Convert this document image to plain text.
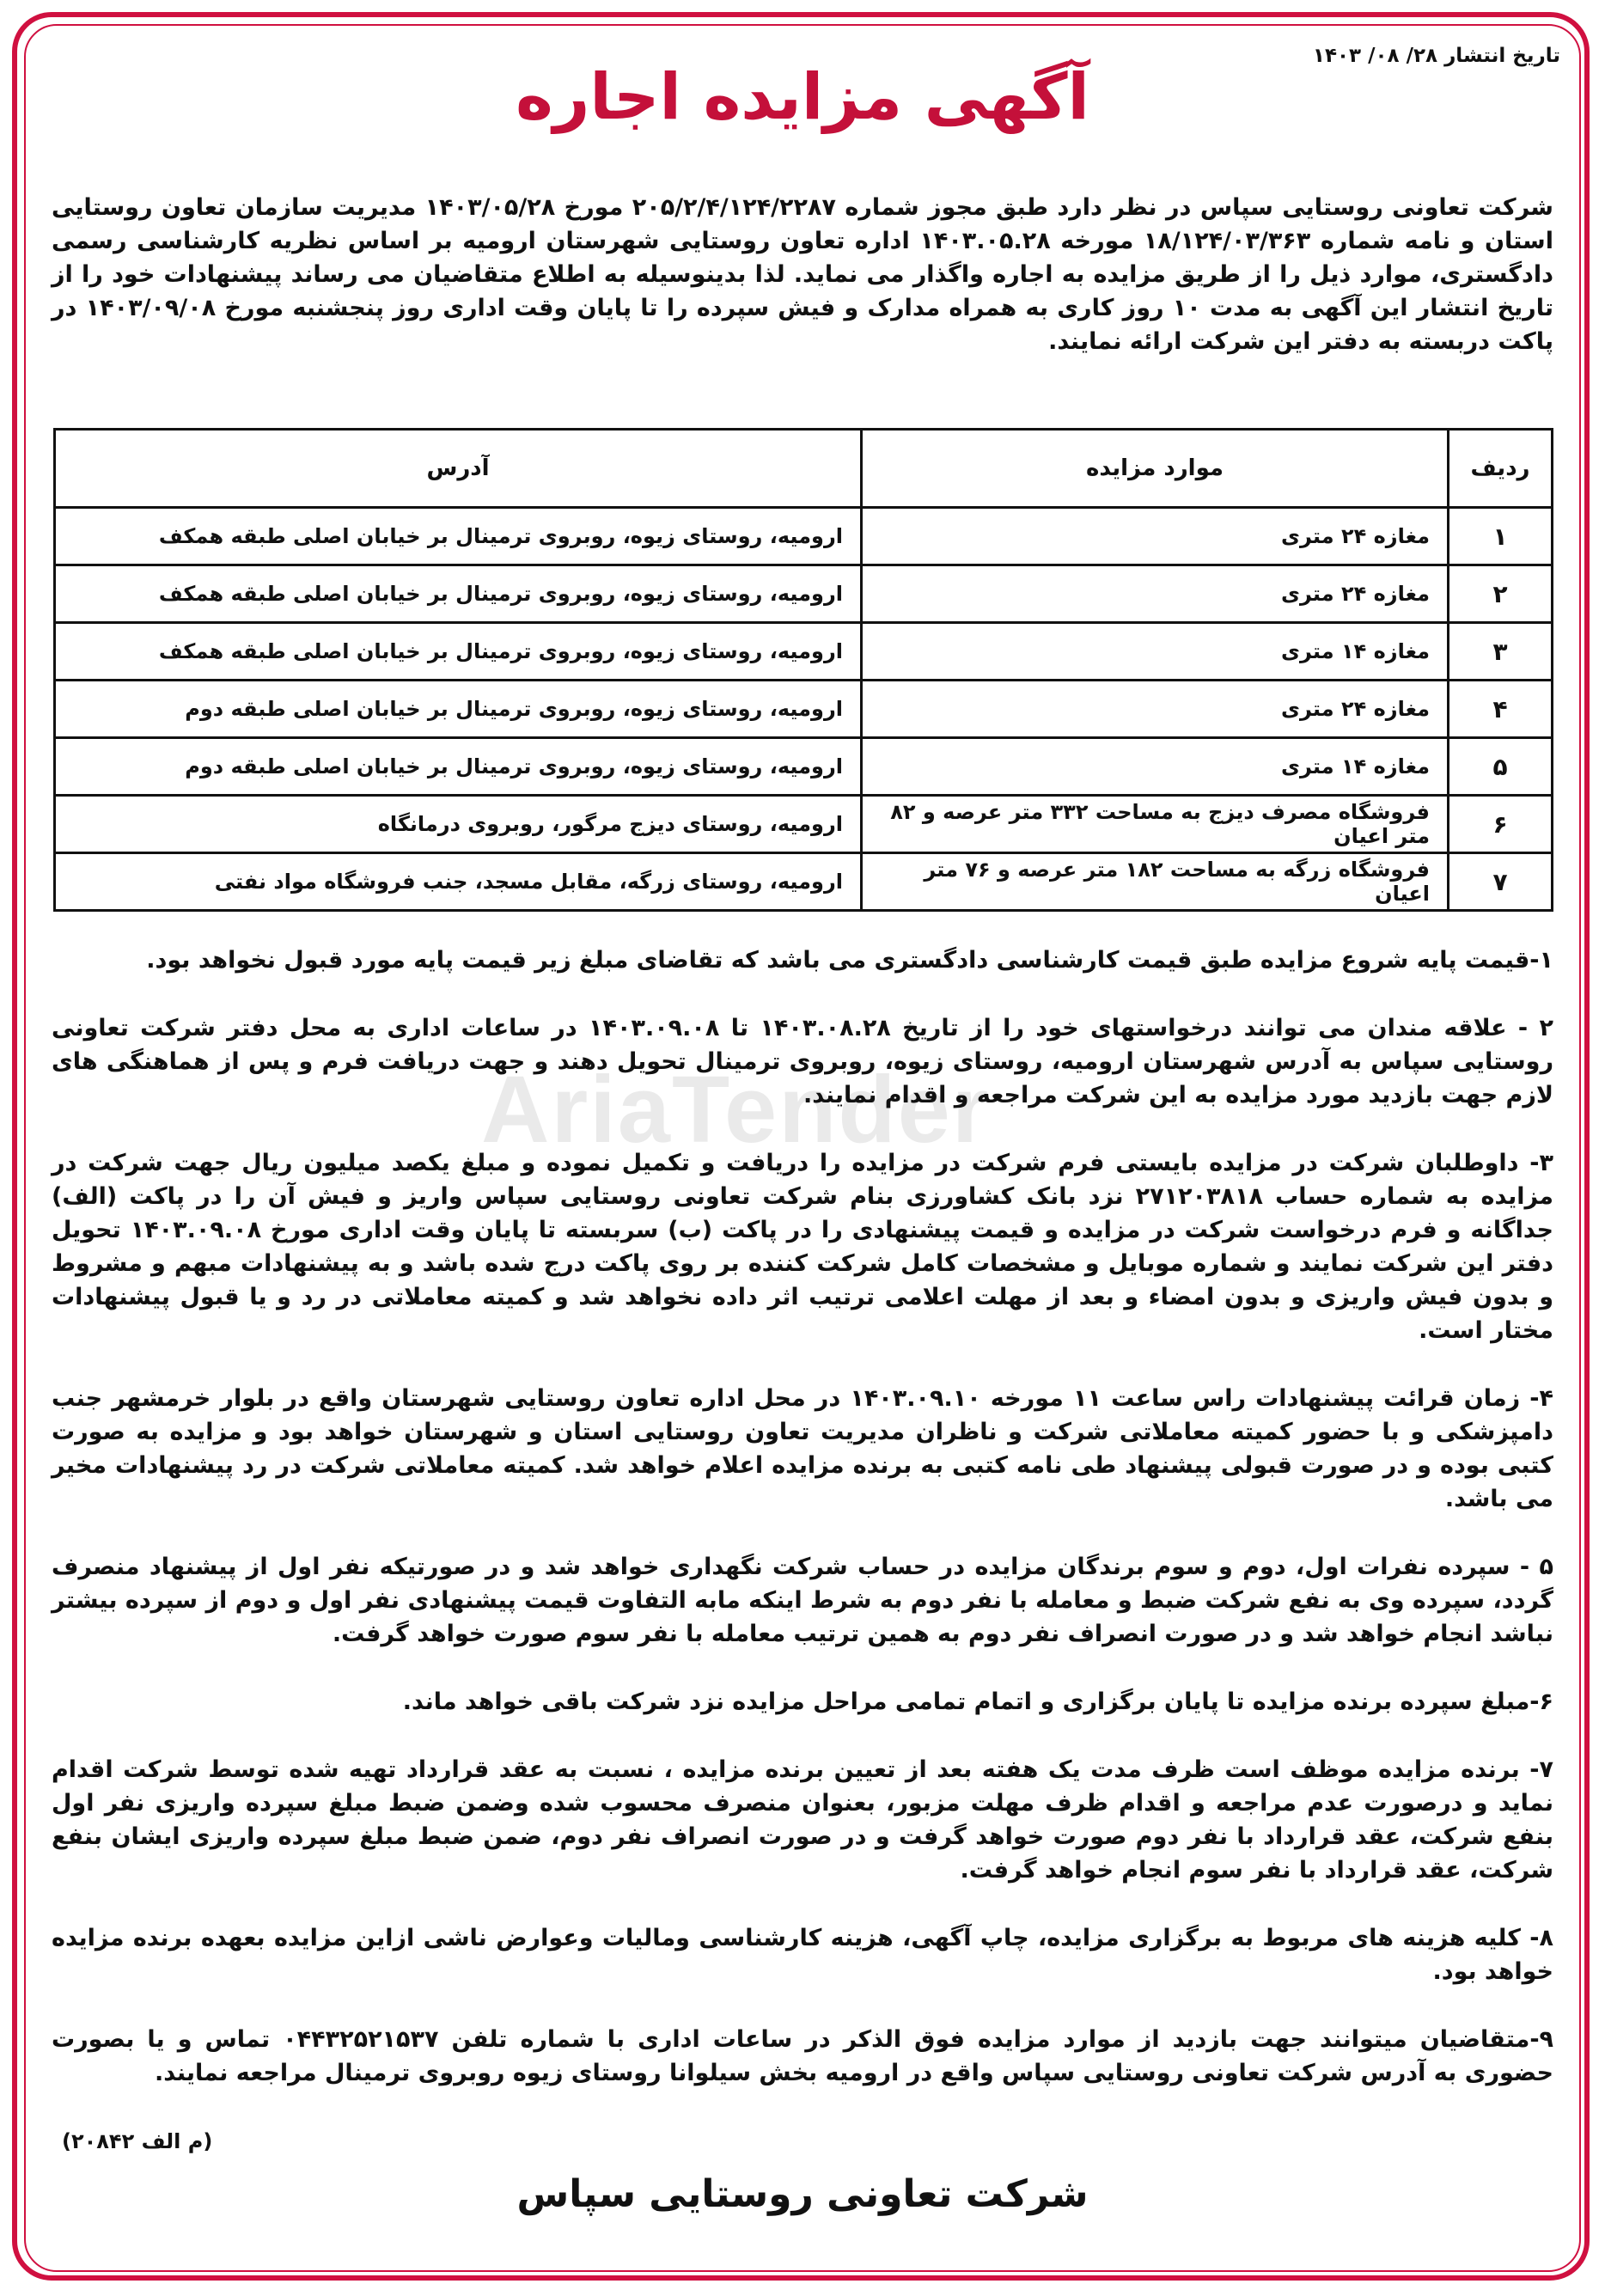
AriaTender
تاریخ انتشار ۲۸/ ۰۸/ ۱۴۰۳
آگهی مزایده اجاره
شرکت تعاونی روستایی سپاس در نظر دارد طبق مجوز شماره ۲۰۵/۲/۴/۱۲۴/۲۲۸۷ مورخ ۱۴۰۳/۰۵/۲۸ مدیریت سازمان تعاون روستایی استان و نامه شماره ۱۸/۱۲۴/۰۳/۳۶۳ مورخه ۱۴۰۳.۰۵.۲۸ اداره تعاون روستایی شهرستان ارومیه بر اساس نظریه کارشناسی رسمی دادگستری، موارد ذیل را از طریق مزایده به اجاره واگذار می نماید. لذا بدینوسیله به اطلاع متقاضیان می رساند پیشنهادات خود را از تاریخ انتشار این آگهی به مدت ۱۰ روز کاری به همراه مدارک و فیش سپرده را تا پایان وقت اداری روز پنجشنبه مورخ ۱۴۰۳/۰۹/۰۸ در پاکت دربسته به دفتر این شرکت ارائه نمایند.
ردیف	موارد مزایده	آدرس
۱	مغازه ۲۴ متری	ارومیه، روستای زیوه، روبروی ترمینال بر خیابان اصلی طبقه همکف
۲	مغازه ۲۴ متری	ارومیه، روستای زیوه، روبروی ترمینال بر خیابان اصلی طبقه همکف
۳	مغازه ۱۴ متری	ارومیه، روستای زیوه، روبروی ترمینال بر خیابان اصلی طبقه همکف
۴	مغازه ۲۴ متری	ارومیه، روستای زیوه، روبروی ترمینال بر خیابان اصلی طبقه دوم
۵	مغازه ۱۴ متری	ارومیه، روستای زیوه، روبروی ترمینال بر خیابان اصلی طبقه دوم
۶	فروشگاه مصرف دیزج به مساحت ۳۳۲ متر عرصه و ۸۲ متر اعیان	ارومیه، روستای دیزج مرگور، روبروی درمانگاه
۷	فروشگاه زرگه به مساحت ۱۸۲ متر عرصه و ۷۶ متر اعیان	ارومیه، روستای زرگه، مقابل مسجد، جنب فروشگاه مواد نفتی

۱-قیمت پایه شروع مزایده طبق قیمت کارشناسی دادگستری می باشد که تقاضای مبلغ زیر قیمت پایه مورد قبول نخواهد بود.

۲ - علاقه مندان می توانند درخواستهای خود را از تاریخ ۱۴۰۳.۰۸.۲۸ تا ۱۴۰۳.۰۹.۰۸ در ساعات اداری به محل دفتر شرکت تعاونی روستایی سپاس به آدرس شهرستان ارومیه، روستای زیوه، روبروی ترمینال تحویل دهند و جهت دریافت فرم و پس از هماهنگی های لازم جهت بازدید مورد مزایده به این شرکت مراجعه و اقدام نمایند.

۳- داوطلبان شرکت در مزایده بایستی فرم شرکت در مزایده را دریافت و تکمیل نموده و مبلغ یکصد میلیون ریال جهت شرکت در مزایده به شماره حساب ۲۷۱۲۰۳۸۱۸ نزد بانک کشاورزی بنام شرکت تعاونی روستایی سپاس واریز و فیش آن را در پاکت (الف) جداگانه و فرم درخواست شرکت در مزایده و قیمت پیشنهادی را در پاکت (ب) سربسته تا پایان وقت اداری مورخ ۱۴۰۳.۰۹.۰۸ تحویل دفتر این شرکت نمایند و شماره موبایل و مشخصات کامل شرکت کننده بر روی پاکت درج شده باشد و به پیشنهادات مبهم و مشروط و بدون فیش واریزی و بدون امضاء و بعد از مهلت اعلامی ترتیب اثر داده نخواهد شد و کمیته معاملاتی در رد و یا قبول پیشنهادات مختار است.

۴- زمان قرائت پیشنهادات راس ساعت ۱۱ مورخه ۱۴۰۳.۰۹.۱۰ در محل اداره تعاون روستایی شهرستان واقع در بلوار خرمشهر جنب دامپزشکی و با حضور کمیته معاملاتی شرکت و ناظران مدیریت تعاون روستایی استان و شهرستان خواهد بود و مزایده به صورت کتبی بوده و در صورت قبولی پیشنهاد طی نامه کتبی به برنده مزایده اعلام خواهد شد. کمیته معاملاتی شرکت در رد پیشنهادات مخیر می باشد.

۵ - سپرده نفرات اول، دوم و سوم برندگان مزایده در حساب شرکت نگهداری خواهد شد و در صورتیکه نفر اول از پیشنهاد منصرف گردد، سپرده وی به نفع شرکت ضبط و معامله با نفر دوم به شرط اینکه مابه التفاوت قیمت پیشنهادی نفر اول و دوم از سپرده بیشتر نباشد انجام خواهد شد و در صورت انصراف نفر دوم به همین ترتیب معامله با نفر سوم صورت خواهد گرفت.

۶-مبلغ سپرده برنده مزایده تا پایان برگزاری و اتمام تمامی مراحل مزایده نزد شرکت باقی خواهد ماند.

۷- برنده مزایده موظف است ظرف مدت یک هفته بعد از تعیین برنده مزایده ، نسبت به عقد قرارداد تهیه شده توسط شرکت اقدام نماید و درصورت عدم مراجعه و اقدام ظرف مهلت مزبور، بعنوان منصرف محسوب شده وضمن ضبط مبلغ سپرده واریزی نفر اول بنفع شرکت، عقد قرارداد با نفر دوم صورت خواهد گرفت و در صورت انصراف نفر دوم، ضمن ضبط مبلغ سپرده واریزی ایشان بنفع شرکت، عقد قرارداد با نفر سوم انجام خواهد گرفت.

۸- کلیه هزینه های مربوط به برگزاری مزایده، چاپ آگهی، هزینه کارشناسی ومالیات وعوارض ناشی ازاین مزایده بعهده برنده مزایده خواهد بود.

۹-متقاضیان میتوانند جهت بازدید از موارد مزایده فوق الذکر در ساعات اداری با شماره تلفن ۰۴۴۳۲۵۲۱۵۳۷ تماس و یا بصورت حضوری به آدرس شرکت تعاونی روستایی سپاس واقع در ارومیه بخش سیلوانا روستای زیوه روبروی ترمینال مراجعه نمایند.

(م الف ۲۰۸۴۲)
شرکت تعاونی روستایی سپاس
